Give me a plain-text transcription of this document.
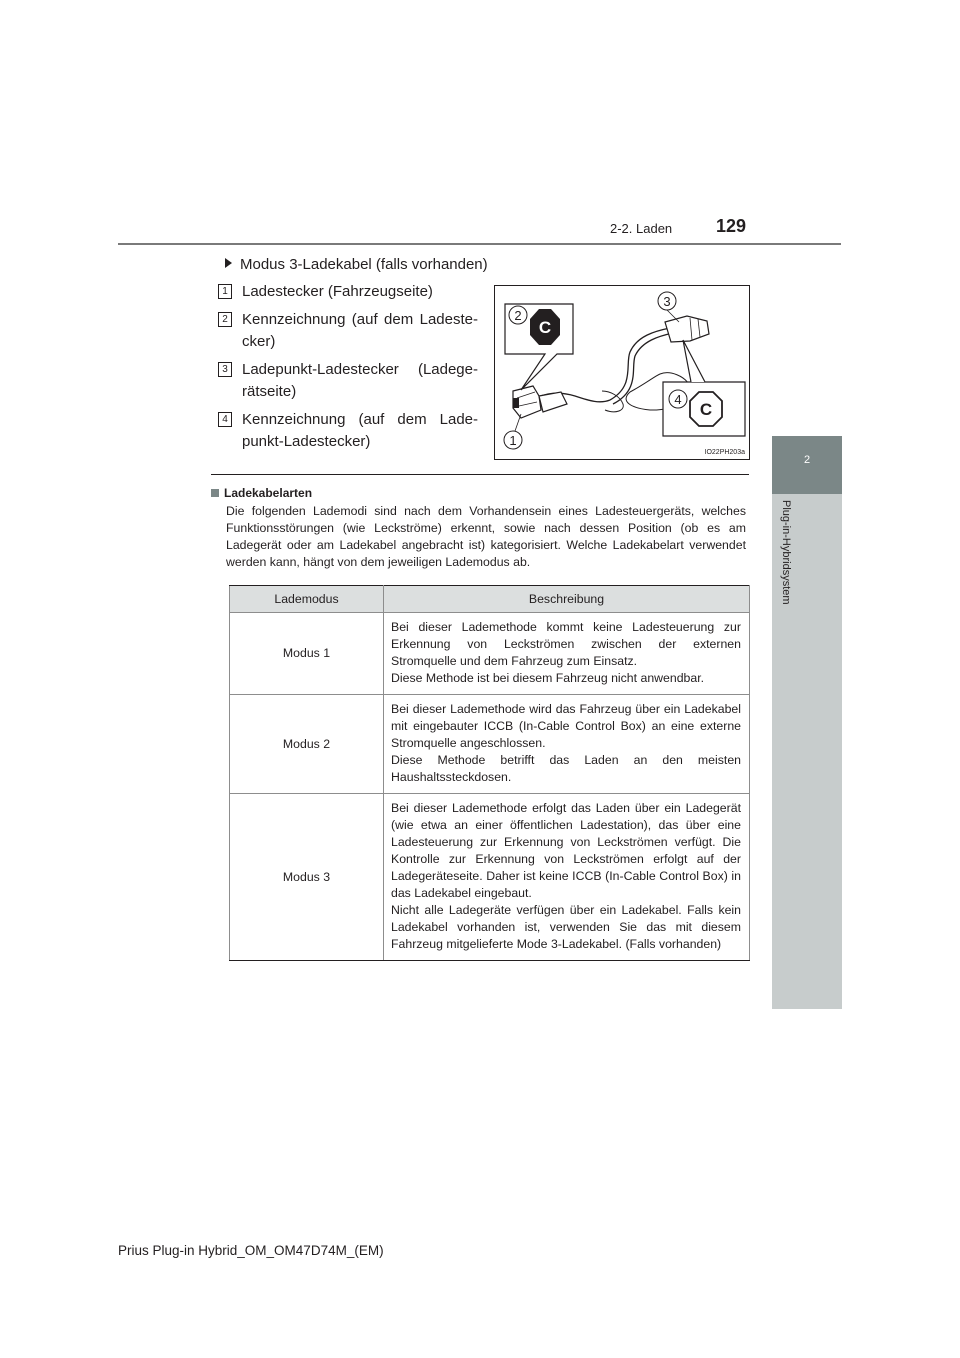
2-2. Laden 129
2
Plug-in-Hybridsystem
Modus 3-Ladekabel (falls vorhanden)
1 Ladestecker (Fahrzeugseite)
2 Kennzeichnung (auf dem Ladeste-cker)
3 Ladepunkt-Ladestecker (Ladege-rätseite)
4 Kennzeichnung (auf dem Lade-punkt-Ladestecker)
C
C
1
2
3
4
IO22PH203a
Ladekabelarten
Die folgenden Lademodi sind nach dem Vorhandensein eines Ladesteuergeräts, welches Funktionsstörungen (wie Leckströme) erkennt, sowie nach dessen Position (ob es am Ladegerät oder am Ladekabel angebracht ist) kategorisiert. Welche Ladekabelart verwendet werden kann, hängt von dem jeweiligen Lademodus ab.
Lademodus	Beschreibung
Modus 1	Bei dieser Lademethode kommt keine Ladesteuerung zur Erkennung von Leckströmen zwischen der externen Stromquelle und dem Fahrzeug zum Einsatz.
Diese Methode ist bei diesem Fahrzeug nicht anwendbar.

Modus 2	Bei dieser Lademethode wird das Fahrzeug über ein Ladekabel mit eingebauter ICCB (In-Cable Control Box) an eine externe Stromquelle angeschlossen.
Diese Methode betrifft das Laden an den meisten Haushaltssteckdosen.

Modus 3	Bei dieser Lademethode erfolgt das Laden über ein Ladegerät (wie etwa an einer öffentlichen Ladestation), das über eine Ladesteuerung zur Erkennung von Leckströmen verfügt. Die Kontrolle zur Erkennung von Leckströmen erfolgt auf der Ladegeräteseite. Daher ist keine ICCB (In-Cable Control Box) in das Ladekabel eingebaut.
Nicht alle Ladegeräte verfügen über ein Ladekabel. Falls kein Ladekabel vorhanden ist, verwenden Sie das mit diesem Fahrzeug mitgelieferte Mode 3-Ladekabel. (Falls vorhanden)
Prius Plug-in Hybrid_OM_OM47D74M_(EM)
